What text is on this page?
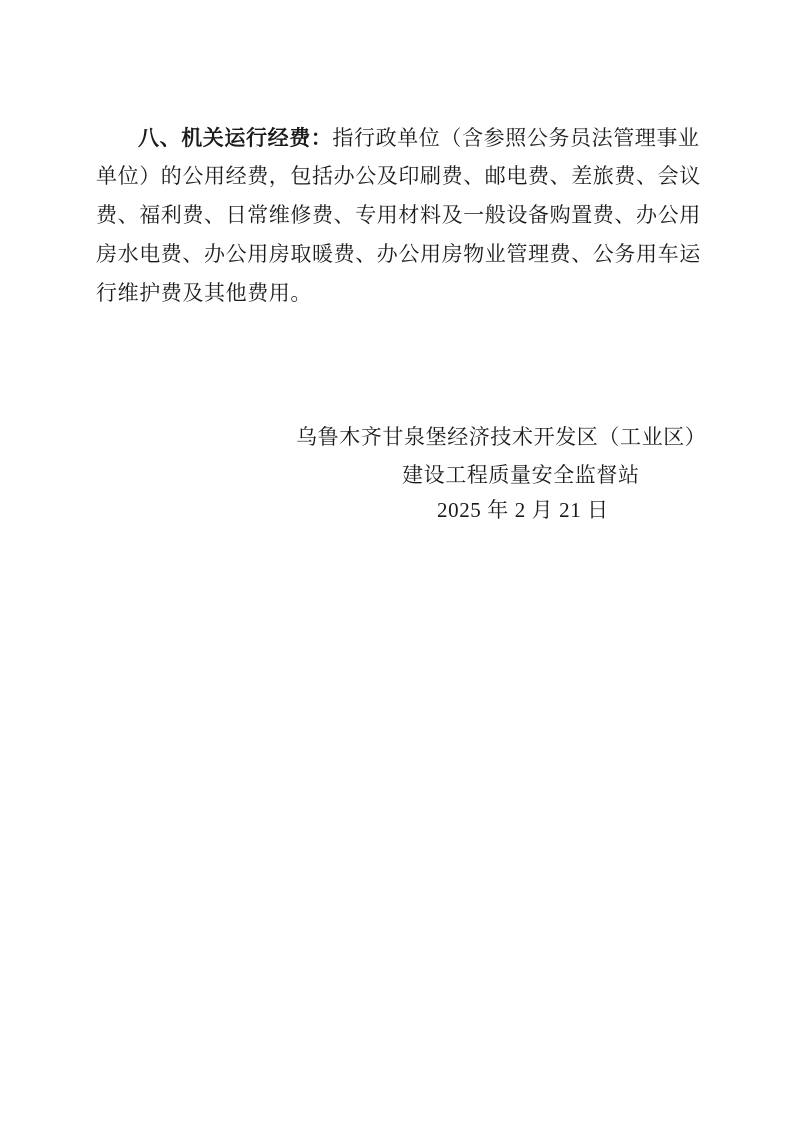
八、机关运行经费：指行政单位（含参照公务员法管理事业
单位）的公用经费，包括办公及印刷费、邮电费、差旅费、会议
费、福利费、日常维修费、专用材料及一般设备购置费、办公用
房水电费、办公用房取暖费、办公用房物业管理费、公务用车运
行维护费及其他费用。
乌鲁木齐甘泉堡经济技术开发区（工业区）
建设工程质量安全监督站
2025 年 2 月 21 日
